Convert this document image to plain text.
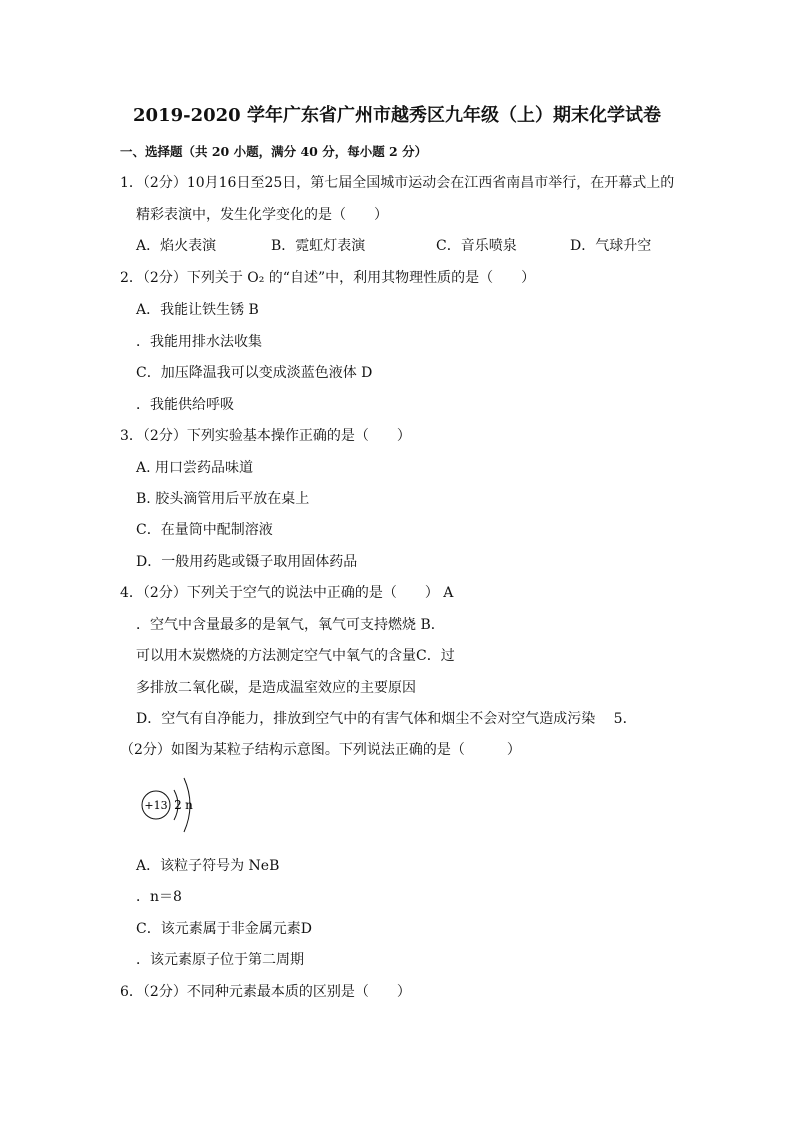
2019-2020 学年广东省广州市越秀区九年级（上）期末化学试卷
一、选择题（共 20 小题，满分 40 分，每小题 2 分）
1．（2分）10月16日至25日，第七届全国城市运动会在江西省南昌市举行，在开幕式上的
精彩表演中，发生化学变化的是（　　）
A．焰火表演	B．霓虹灯表演	C．音乐喷泉	D．气球升空
2．（2分）下列关于 O₂ 的“自述”中，利用其物理性质的是（　　）
A．我能让铁生锈 B
．我能用排水法收集
C．加压降温我可以变成淡蓝色液体 D
．我能供给呼吸
3．（2分）下列实验基本操作正确的是（　　）
A. 用口尝药品味道
B. 胶头滴管用后平放在桌上
C．在量筒中配制溶液
D．一般用药匙或镊子取用固体药品
4．（2分）下列关于空气的说法中正确的是（　　） A
．空气中含量最多的是氧气，氧气可支持燃烧 B．
可以用木炭燃烧的方法测定空气中氧气的含量C．过
多排放二氧化碳，是造成温室效应的主要原因
D．空气有自净能力，排放到空气中的有害气体和烟尘不会对空气造成污染　 5．
（2分）如图为某粒子结构示意图。下列说法正确的是（　　　）
+13 2 n
A．该粒子符号为 NeB
．n＝8
C．该元素属于非金属元素D
．该元素原子位于第二周期
6．（2分）不同种元素最本质的区别是（　　）
